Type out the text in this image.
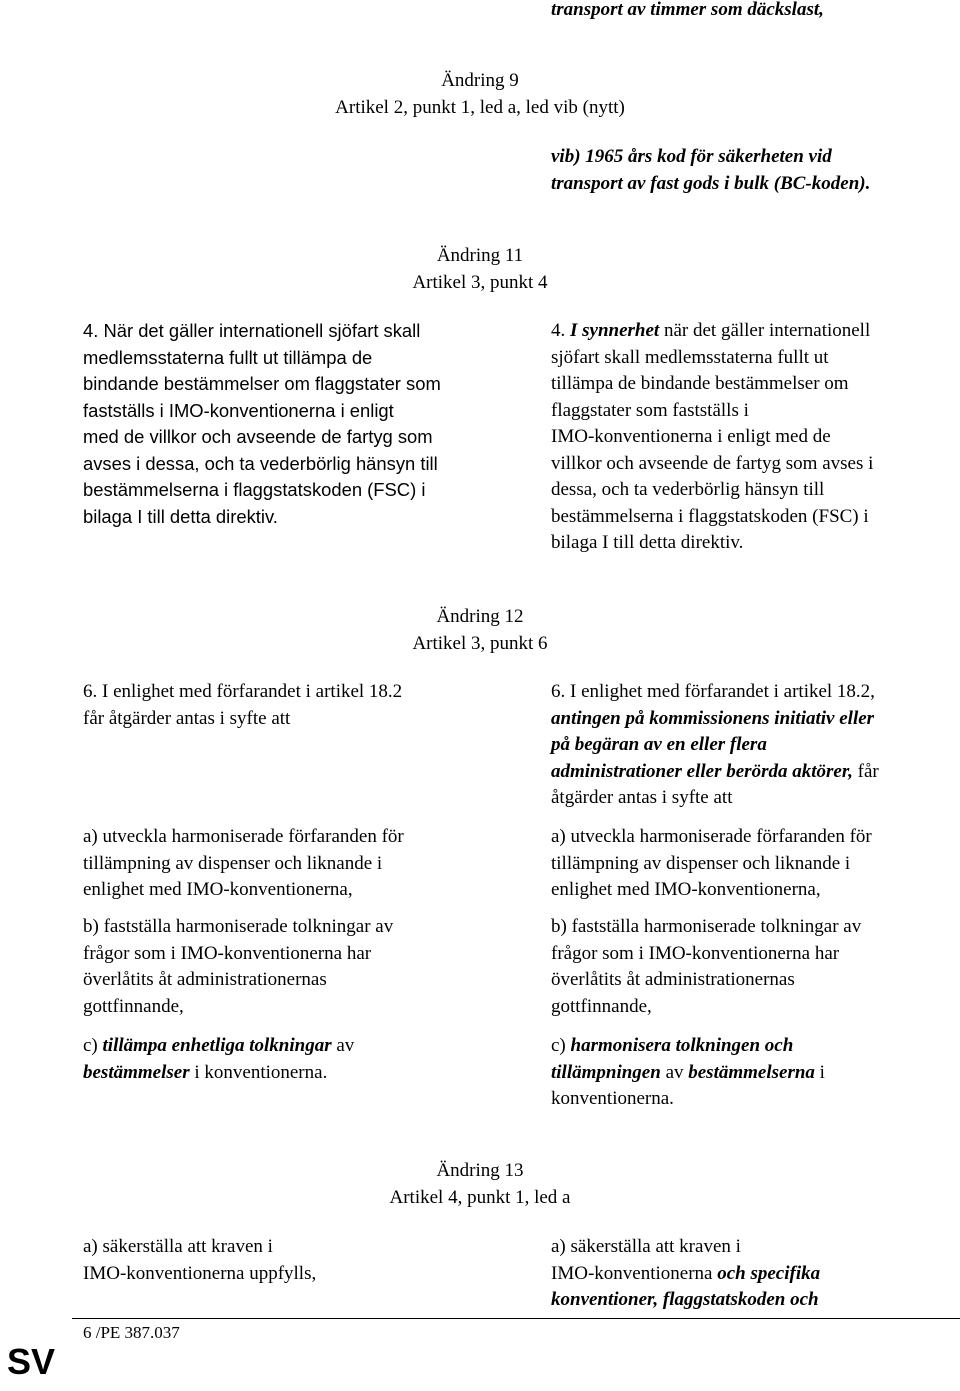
transport av timmer som däckslast,

Ändring 9
Artikel 2, punkt 1, led a, led vib (nytt)
vib) 1965 års kod för säkerheten vid
transport av fast gods i bulk (BC-koden).
Ändring 11
Artikel 3, punkt 4
4. När det gäller internationell sjöfart skall
medlemsstaterna fullt ut tillämpa de
bindande bestämmelser om flaggstater som
fastställs i IMO-konventionerna i enligt
med de villkor och avseende de fartyg som
avses i dessa, och ta vederbörlig hänsyn till
bestämmelserna i flaggstatskoden (FSC) i
bilaga I till detta direktiv.
4. I synnerhet när det gäller internationell
sjöfart skall medlemsstaterna fullt ut
tillämpa de bindande bestämmelser om
flaggstater som fastställs i
IMO-konventionerna i enligt med de
villkor och avseende de fartyg som avses i
dessa, och ta vederbörlig hänsyn till
bestämmelserna i flaggstatskoden (FSC) i
bilaga I till detta direktiv.
Ändring 12
Artikel 3, punkt 6
6. I enlighet med förfarandet i artikel 18.2
får åtgärder antas i syfte att
6. I enlighet med förfarandet i artikel 18.2,
antingen på kommissionens initiativ eller
på begäran av en eller flera
administrationer eller berörda aktörer, får
åtgärder antas i syfte att
a) utveckla harmoniserade förfaranden för
tillämpning av dispenser och liknande i
enlighet med IMO-konventionerna,
a) utveckla harmoniserade förfaranden för
tillämpning av dispenser och liknande i
enlighet med IMO-konventionerna,
b) fastställa harmoniserade tolkningar av
frågor som i IMO-konventionerna har
överlåtits åt administrationernas
gottfinnande,
b) fastställa harmoniserade tolkningar av
frågor som i IMO-konventionerna har
överlåtits åt administrationernas
gottfinnande,
c) tillämpa enhetliga tolkningar av
bestämmelser i konventionerna.
c) harmonisera tolkningen och
tillämpningen av bestämmelserna i
konventionerna.
Ändring 13
Artikel 4, punkt 1, led a
a) säkerställa att kraven i
IMO-konventionerna uppfylls,
a) säkerställa att kraven i
IMO-konventionerna och specifika
konventioner, flaggstatskoden och
6 /PE 387.037
SV
